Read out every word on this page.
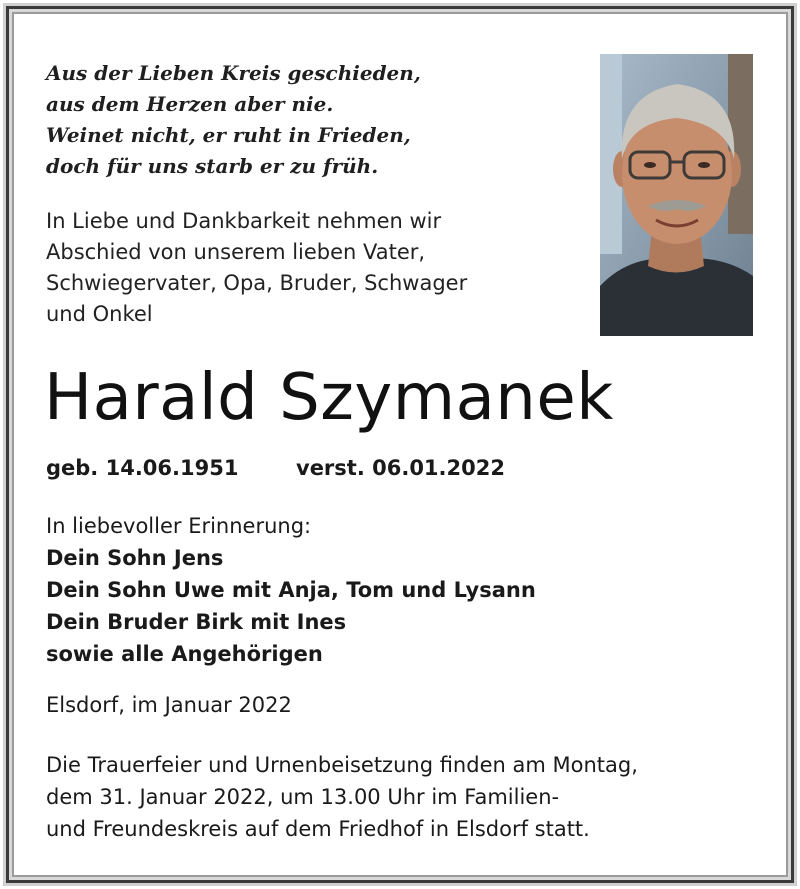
Aus der Lieben Kreis geschieden,
aus dem Herzen aber nie.
Weinet nicht, er ruht in Frieden,
doch für uns starb er zu früh.
In Liebe und Dankbarkeit nehmen wir
Abschied von unserem lieben Vater,
Schwiegervater, Opa, Bruder, Schwager
und Onkel
Harald Szymanek
geb. 14.06.1951	verst. 06.01.2022
In liebevoller Erinnerung:
Dein Sohn Jens
Dein Sohn Uwe mit Anja, Tom und Lysann
Dein Bruder Birk mit Ines
sowie alle Angehörigen
Elsdorf, im Januar 2022
Die Trauerfeier und Urnenbeisetzung finden am Montag,
dem 31. Januar 2022, um 13.00 Uhr im Familien-
und Freundeskreis auf dem Friedhof in Elsdorf statt.
